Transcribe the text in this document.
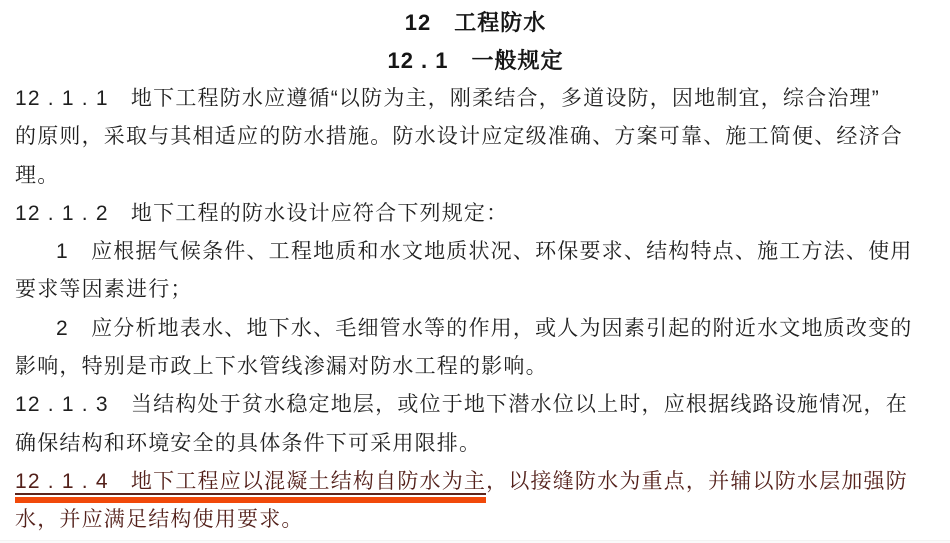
12　工程防水
12 . 1　一般规定
12 . 1 . 1　地下工程防水应遵循“以防为主，刚柔结合，多道设防，因地制宜，综合治理”
的原则，采取与其相适应的防水措施。防水设计应定级准确、方案可靠、施工简便、经济合
理。
12 . 1 . 2　地下工程的防水设计应符合下列规定：
1　应根据气候条件、工程地质和水文地质状况、环保要求、结构特点、施工方法、使用
要求等因素进行；
2　应分析地表水、地下水、毛细管水等的作用，或人为因素引起的附近水文地质改变的
影响，特别是市政上下水管线渗漏对防水工程的影响。
12 . 1 . 3　当结构处于贫水稳定地层，或位于地下潜水位以上时，应根据线路设施情况，在
确保结构和环境安全的具体条件下可采用限排。
12 . 1 . 4　地下工程应以混凝土结构自防水为主，以接缝防水为重点，并辅以防水层加强防
水，并应满足结构使用要求。
